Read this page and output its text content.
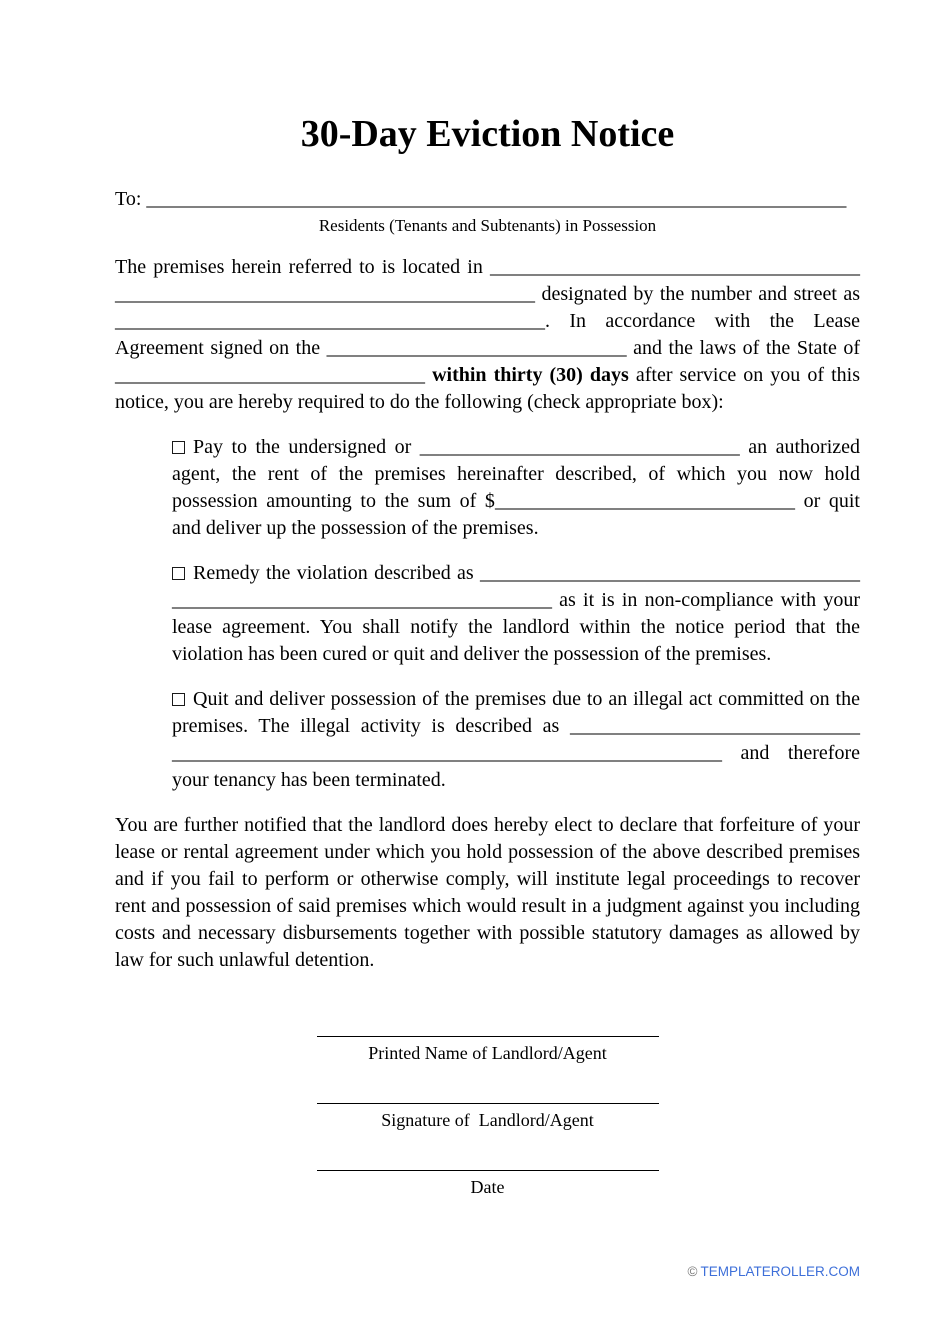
30-Day Eviction Notice
To: ______________________________________________________________________
Residents (Tenants and Subtenants) in Possession

The premises herein referred to is located in _____________________________________ __________________________________________ designated by the number and street as ___________________________________________. In accordance with the Lease Agreement signed on the ______________________________ and the laws of the State of _______________________________ within thirty (30) days after service on you of this notice, you are hereby required to do the following (check appropriate box):

Pay to the undersigned or ________________________________ an authorized agent, the rent of the premises hereinafter described, of which you now hold possession amounting to the sum of $______________________________ or quit and deliver up the possession of the premises.

Remedy the violation described as ______________________________________ ______________________________________ as it is in non-compliance with your lease agreement. You shall notify the landlord within the notice period that the violation has been cured or quit and deliver the possession of the premises.

Quit and deliver possession of the premises due to an illegal act committed on the premises. The illegal activity is described as _____________________________ _______________________________________________________ and therefore your tenancy has been terminated.

You are further notified that the landlord does hereby elect to declare that forfeiture of your lease or rental agreement under which you hold possession of the above described premises and if you fail to perform or otherwise comply, will institute legal proceedings to recover rent and possession of said premises which would result in a judgment against you including costs and necessary disbursements together with possible statutory damages as allowed by law for such unlawful detention.

Printed Name of Landlord/Agent
Signature of  Landlord/Agent
Date
© TEMPLATEROLLER.COM
